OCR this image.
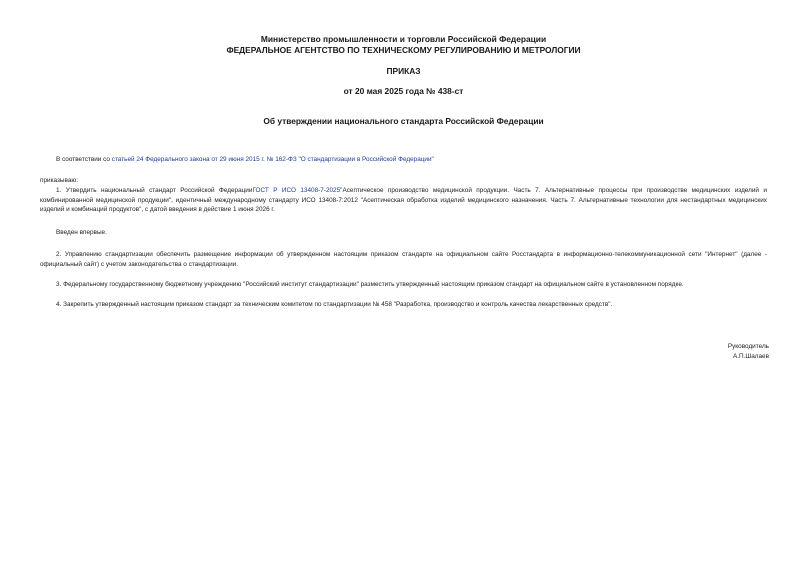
Министерство промышленности и торговли Российской Федерации
ФЕДЕРАЛЬНОЕ АГЕНТСТВО ПО ТЕХНИЧЕСКОМУ РЕГУЛИРОВАНИЮ И МЕТРОЛОГИИ
ПРИКАЗ
от 20 мая 2025 года № 438-ст
Об утверждении национального стандарта Российской Федерации
В соответствии со статьей 24 Федерального закона от 29 июня 2015 г. № 162-ФЗ "О стандартизации в Российской Федерации"
приказываю:
1. Утвердить национальный стандарт Российской ФедерацииГОСТ Р ИСО 13408-7-2025"Асептическое производство медицинской продукции. Часть 7. Альтернативные процессы при производстве медицинских изделий и комбинированной медицинской продукции", идентичный международному стандарту ИСО 13408-7:2012 "Асептическая обработка изделий медицинского назначения. Часть 7. Альтернативные технологии для нестандартных медицинских изделий и комбинаций продуктов", с датой введения в действие 1 июня 2026 г.
Введен впервые.
2. Управлению стандартизации обеспечить размещение информации об утвержденном настоящим приказом стандарте на официальном сайте Росстандарта в информационно-телекоммуникационной сети "Интернет" (далее - официальный сайт) с учетом законодательства о стандартизации.
3. Федеральному государственному бюджетному учреждению "Российский институт стандартизации" разместить утвержденный настоящим приказом стандарт на официальном сайте в установленном порядке.
4. Закрепить утвержденный настоящим приказом стандарт за техническим комитетом по стандартизации № 458 "Разработка, производство и контроль качества лекарственных средств".
Руководитель
А.П.Шалаев
